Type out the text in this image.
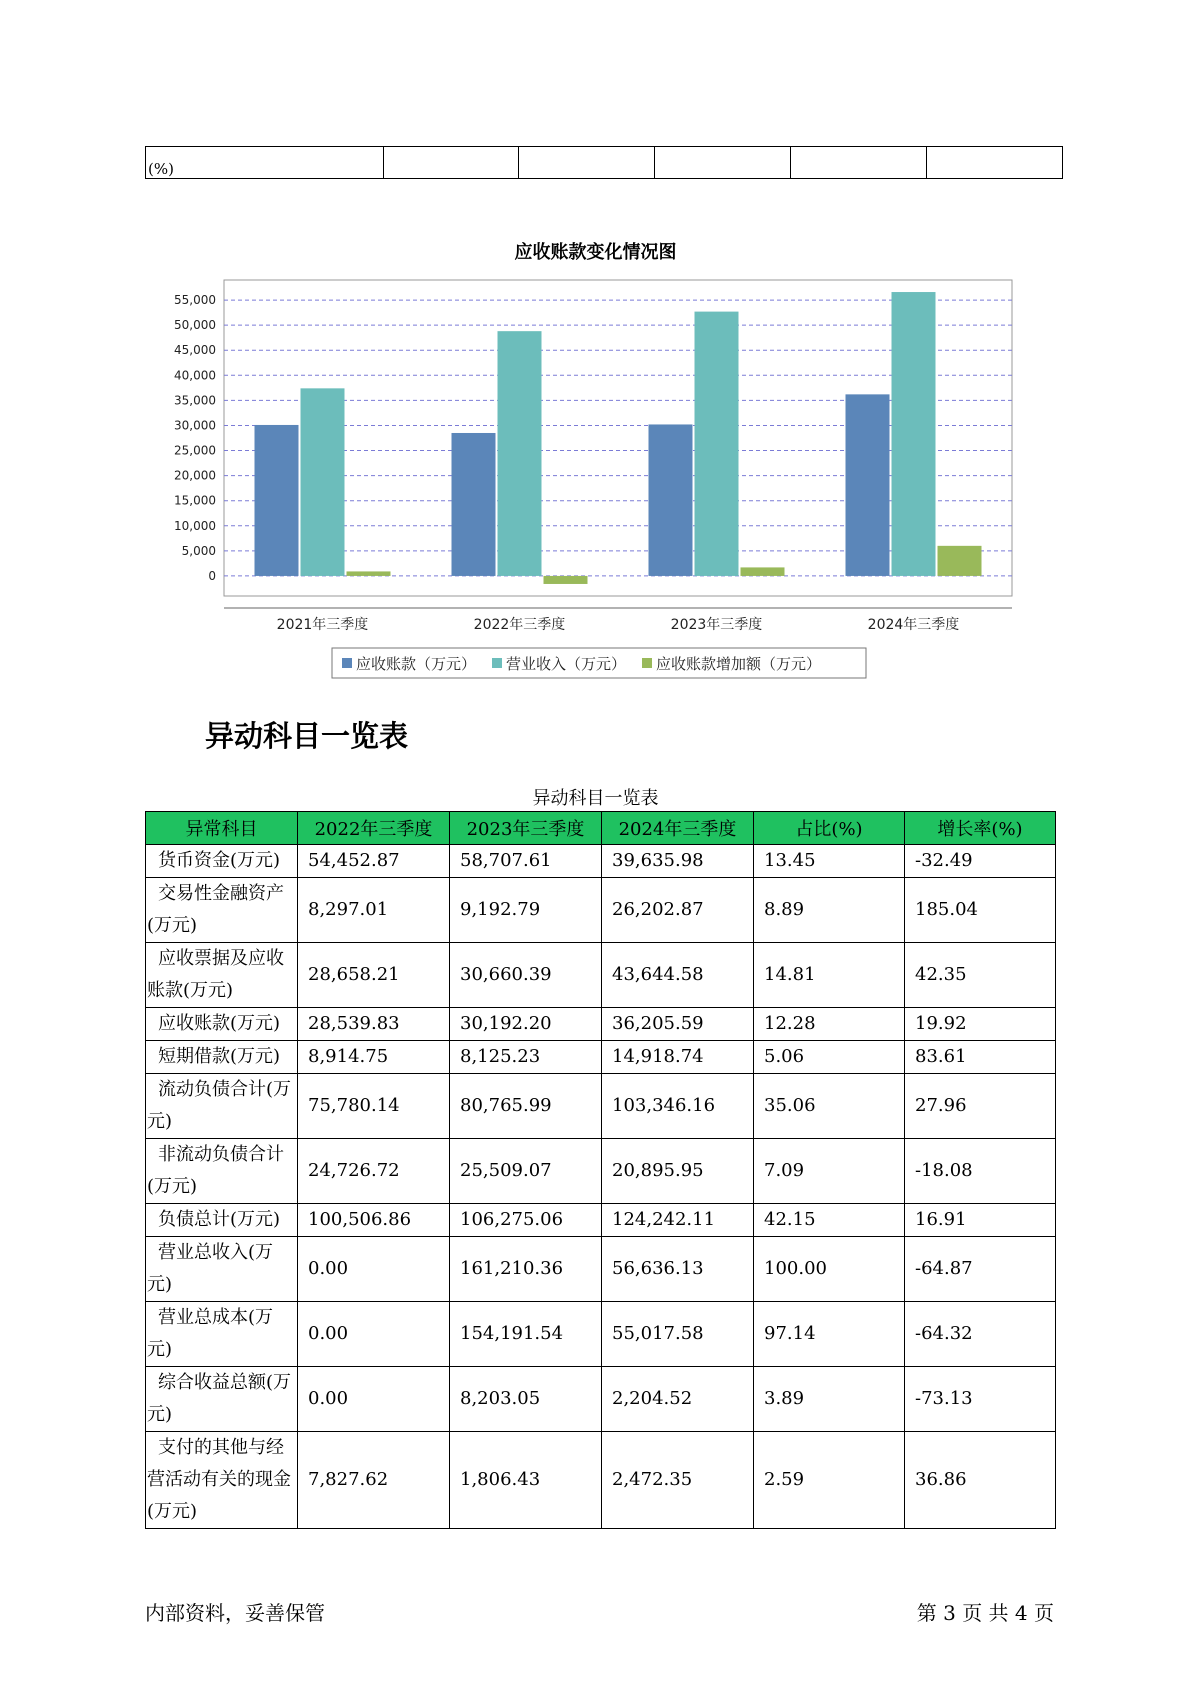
(%)					
应收账款变化情况图
0
5,000
10,000
15,000
20,000
25,000
30,000
35,000
40,000
45,000
50,000
55,000
2021年三季度	2022年三季度	2023年三季度	2024年三季度
应收账款（万元） 营业收入（万元） 应收账款增加额（万元）
异动科目一览表
异动科目一览表
异常科目	2022年三季度	2023年三季度	2024年三季度	占比(%)	增长率(%)
货币资金(万元)	54,452.87	58,707.61	39,635.98	13.45	-32.49
交易性金融资产(万元)	8,297.01	9,192.79	26,202.87	8.89	185.04
应收票据及应收账款(万元)	28,658.21	30,660.39	43,644.58	14.81	42.35
应收账款(万元)	28,539.83	30,192.20	36,205.59	12.28	19.92
短期借款(万元)	8,914.75	8,125.23	14,918.74	5.06	83.61
流动负债合计(万元)	75,780.14	80,765.99	103,346.16	35.06	27.96
非流动负债合计(万元)	24,726.72	25,509.07	20,895.95	7.09	-18.08
负债总计(万元)	100,506.86	106,275.06	124,242.11	42.15	16.91
营业总收入(万元)	0.00	161,210.36	56,636.13	100.00	-64.87
营业总成本(万元)	0.00	154,191.54	55,017.58	97.14	-64.32
综合收益总额(万元)	0.00	8,203.05	2,204.52	3.89	-73.13
支付的其他与经营活动有关的现金(万元)	7,827.62	1,806.43	2,472.35	2.59	36.86
内部资料，妥善保管	第 3 页 共 4 页
